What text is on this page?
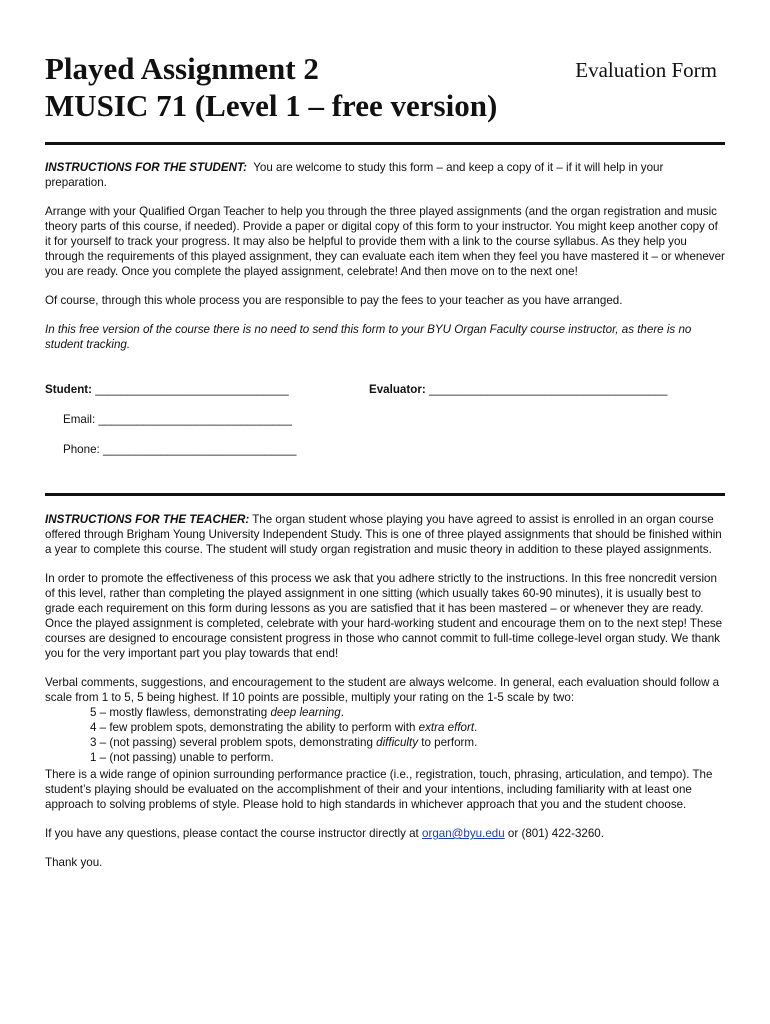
Played Assignment 2
MUSIC 71 (Level 1 – free version)
Evaluation Form

INSTRUCTIONS FOR THE STUDENT: You are welcome to study this form – and keep a copy of it – if it will help in your preparation.

Arrange with your Qualified Organ Teacher to help you through the three played assignments (and the organ registration and music theory parts of this course, if needed). Provide a paper or digital copy of this form to your instructor. You might keep another copy of it for yourself to track your progress. It may also be helpful to provide them with a link to the course syllabus. As they help you through the requirements of this played assignment, they can evaluate each item when they feel you have mastered it – or whenever you are ready. Once you complete the played assignment, celebrate! And then move on to the next one!

Of course, through this whole process you are responsible to pay the fees to your teacher as you have arranged.

In this free version of the course there is no need to send this form to your BYU Organ Faculty course instructor, as there is no student tracking.

Student: ______________________________	Evaluator: _____________________________________
Email: ______________________________
Phone: ______________________________

INSTRUCTIONS FOR THE TEACHER: The organ student whose playing you have agreed to assist is enrolled in an organ course offered through Brigham Young University Independent Study. This is one of three played assignments that should be finished within a year to complete this course. The student will study organ registration and music theory in addition to these played assignments.

In order to promote the effectiveness of this process we ask that you adhere strictly to the instructions. In this free noncredit version of this level, rather than completing the played assignment in one sitting (which usually takes 60-90 minutes), it is usually best to grade each requirement on this form during lessons as you are satisfied that it has been mastered – or whenever they are ready. Once the played assignment is completed, celebrate with your hard-working student and encourage them on to the next step! These courses are designed to encourage consistent progress in those who cannot commit to full-time college-level organ study. We thank you for the very important part you play towards that end!

Verbal comments, suggestions, and encouragement to the student are always welcome. In general, each evaluation should follow a scale from 1 to 5, 5 being highest. If 10 points are possible, multiply your rating on the 1-5 scale by two:

5 – mostly flawless, demonstrating deep learning.
4 – few problem spots, demonstrating the ability to perform with extra effort.
3 – (not passing) several problem spots, demonstrating difficulty to perform.
1 – (not passing) unable to perform.

There is a wide range of opinion surrounding performance practice (i.e., registration, touch, phrasing, articulation, and tempo). The student’s playing should be evaluated on the accomplishment of their and your intentions, including familiarity with at least one approach to solving problems of style. Please hold to high standards in whichever approach that you and the student choose.

If you have any questions, please contact the course instructor directly at organ@byu.edu or (801) 422-3260.

Thank you.
